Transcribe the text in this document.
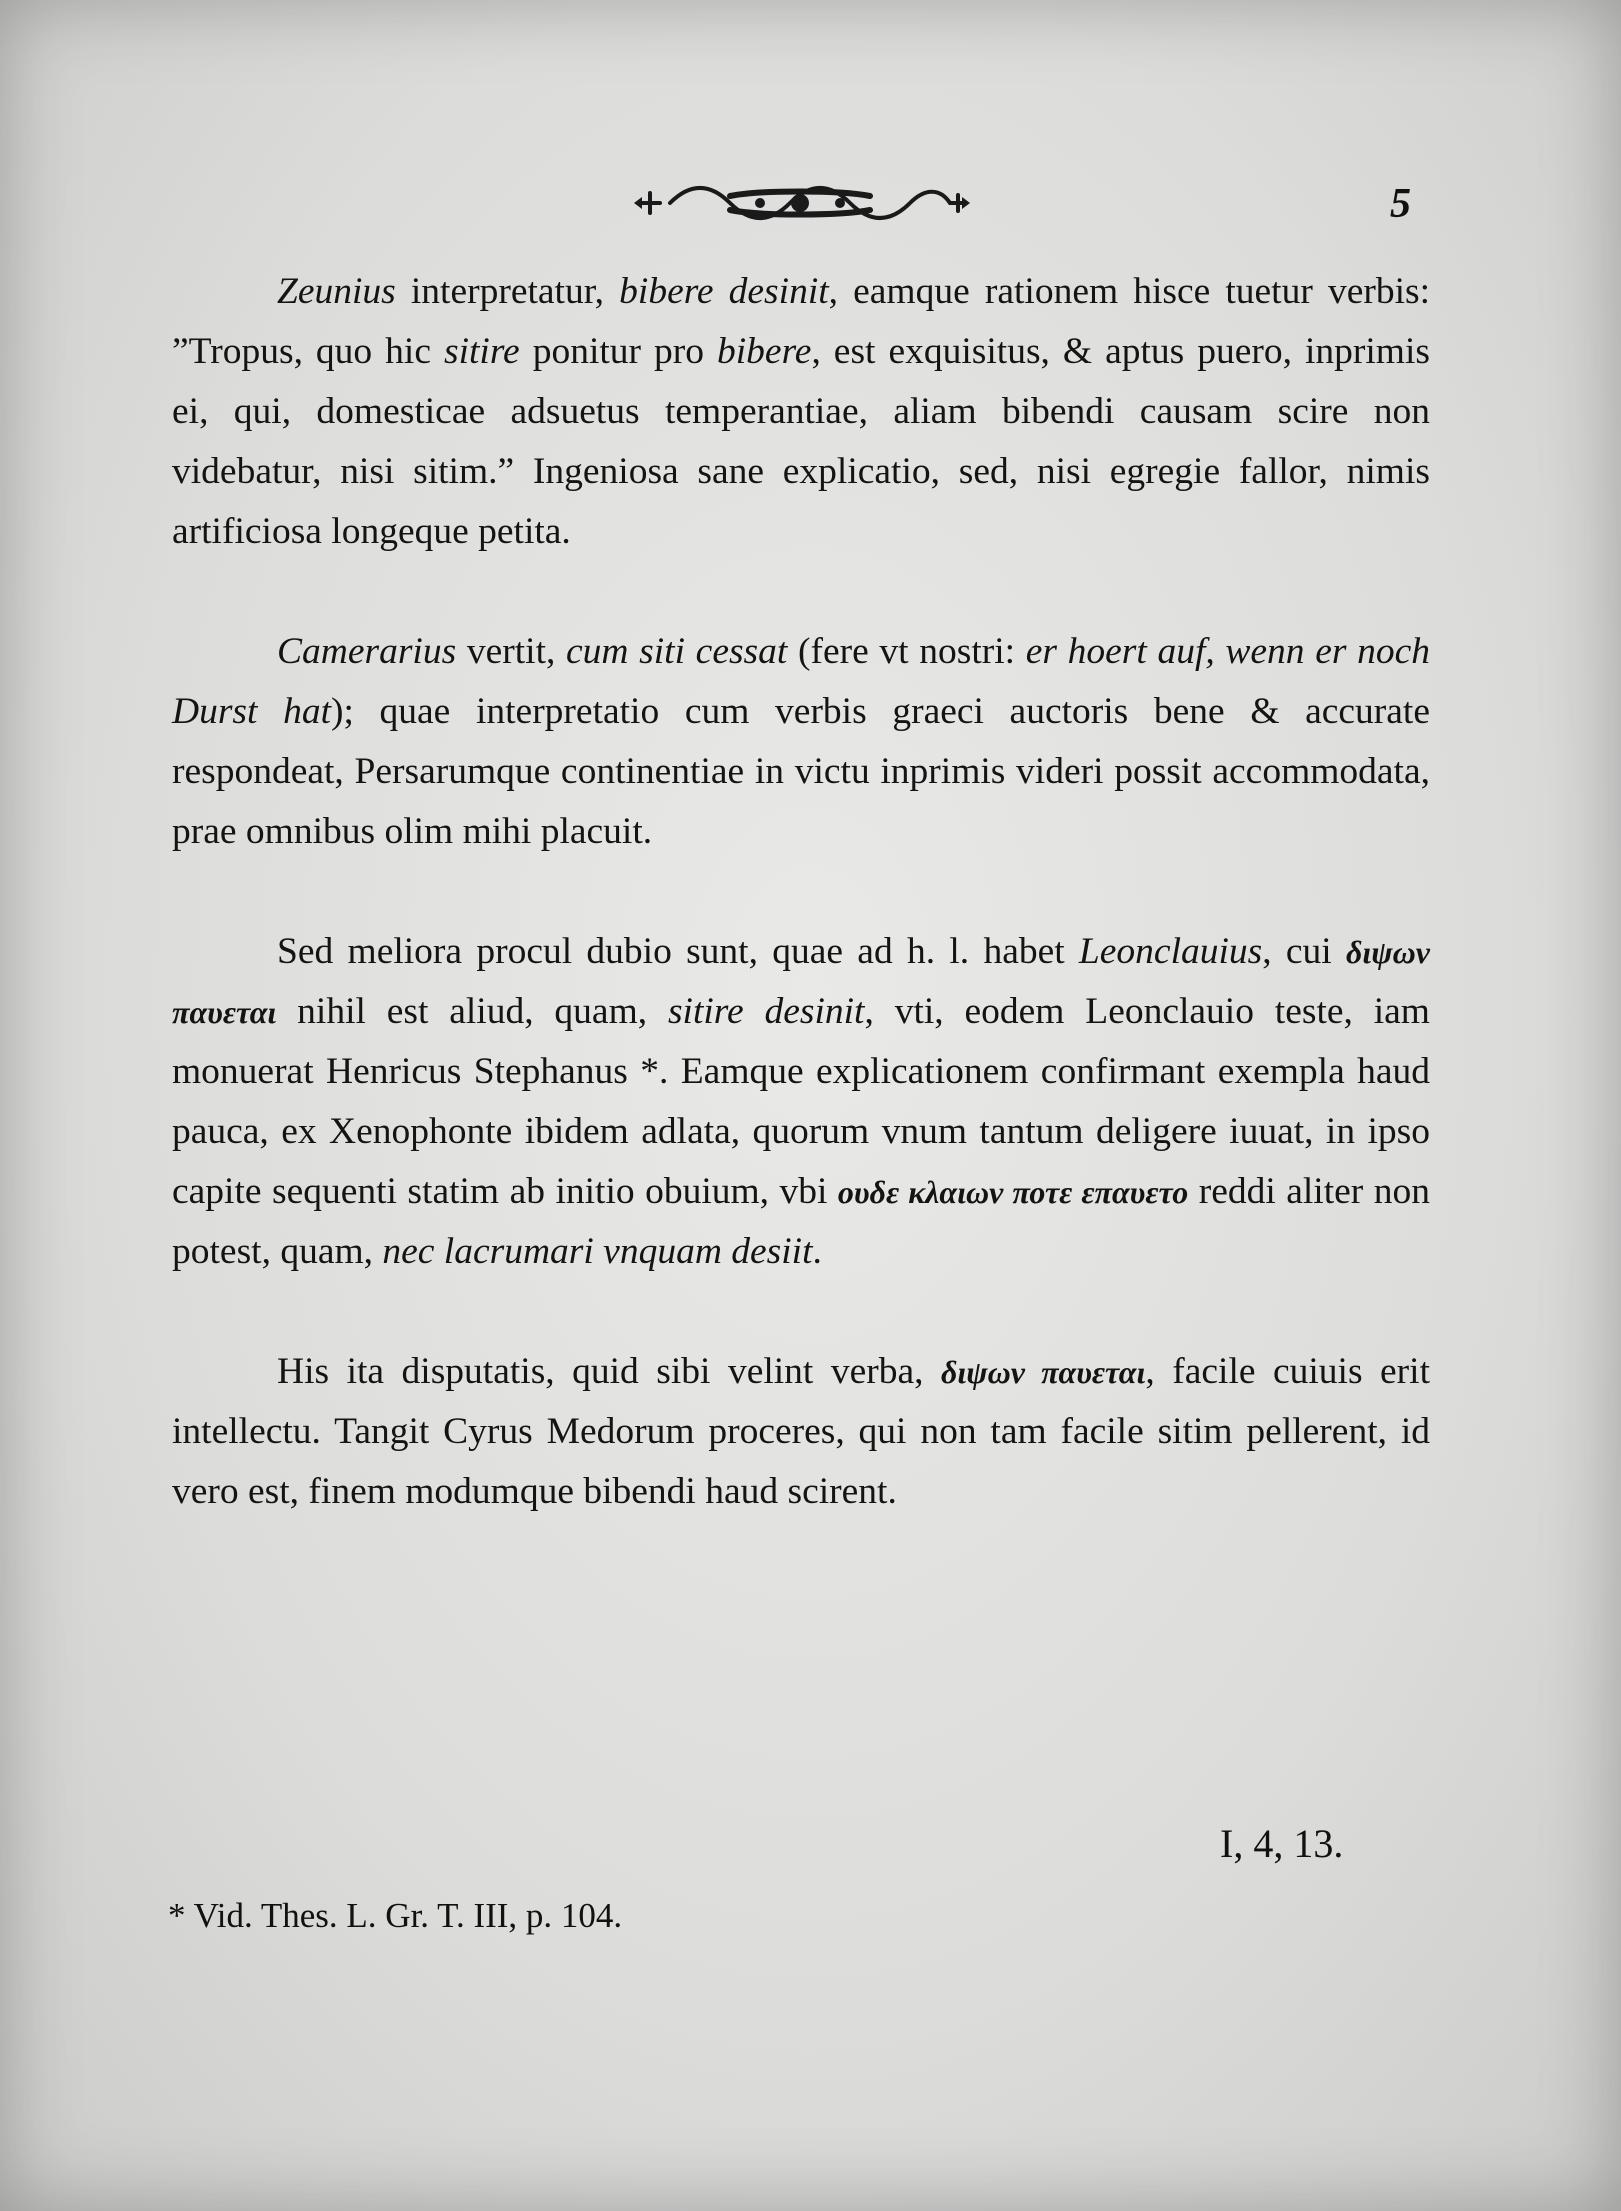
5

Zeunius interpretatur, bibere desinit, eamque rationem hisce tuetur verbis: ”Tropus, quo hic sitire ponitur pro bibere, est exquisitus, & aptus puero, inprimis ei, qui, domesticae adsuetus temperantiae, aliam bibendi causam scire non videbatur, nisi sitim.” Ingeniosa sane explicatio, sed, nisi egregie fallor, nimis artificiosa longeque petita.

Camerarius vertit, cum siti cessat (fere vt nostri: er hoert auf, wenn er noch Durst hat); quae interpretatio cum verbis graeci auctoris bene & accurate respondeat, Persarumque continentiae in victu inprimis videri possit accommodata, prae omnibus olim mihi placuit.

Sed meliora procul dubio sunt, quae ad h. l. habet Leonclauius, cui διψων παυεται nihil est aliud, quam, sitire desinit, vti, eodem Leonclauio teste, iam monuerat Henricus Stephanus *. Eamque explicationem confirmant exempla haud pauca, ex Xenophonte ibidem adlata, quorum vnum tantum deligere iuuat, in ipso capite sequenti statim ab initio obuium, vbi ουδε κλαιων ποτε επαυετο reddi aliter non potest, quam, nec lacrumari vnquam desiit.

His ita disputatis, quid sibi velint verba, διψων παυεται, facile cuiuis erit intellectu. Tangit Cyrus Medorum proceres, qui non tam facile sitim pellerent, id vero est, finem modumque bibendi haud scirent.

I, 4, 13.
* Vid. Thes. L. Gr. T. III, p. 104.
